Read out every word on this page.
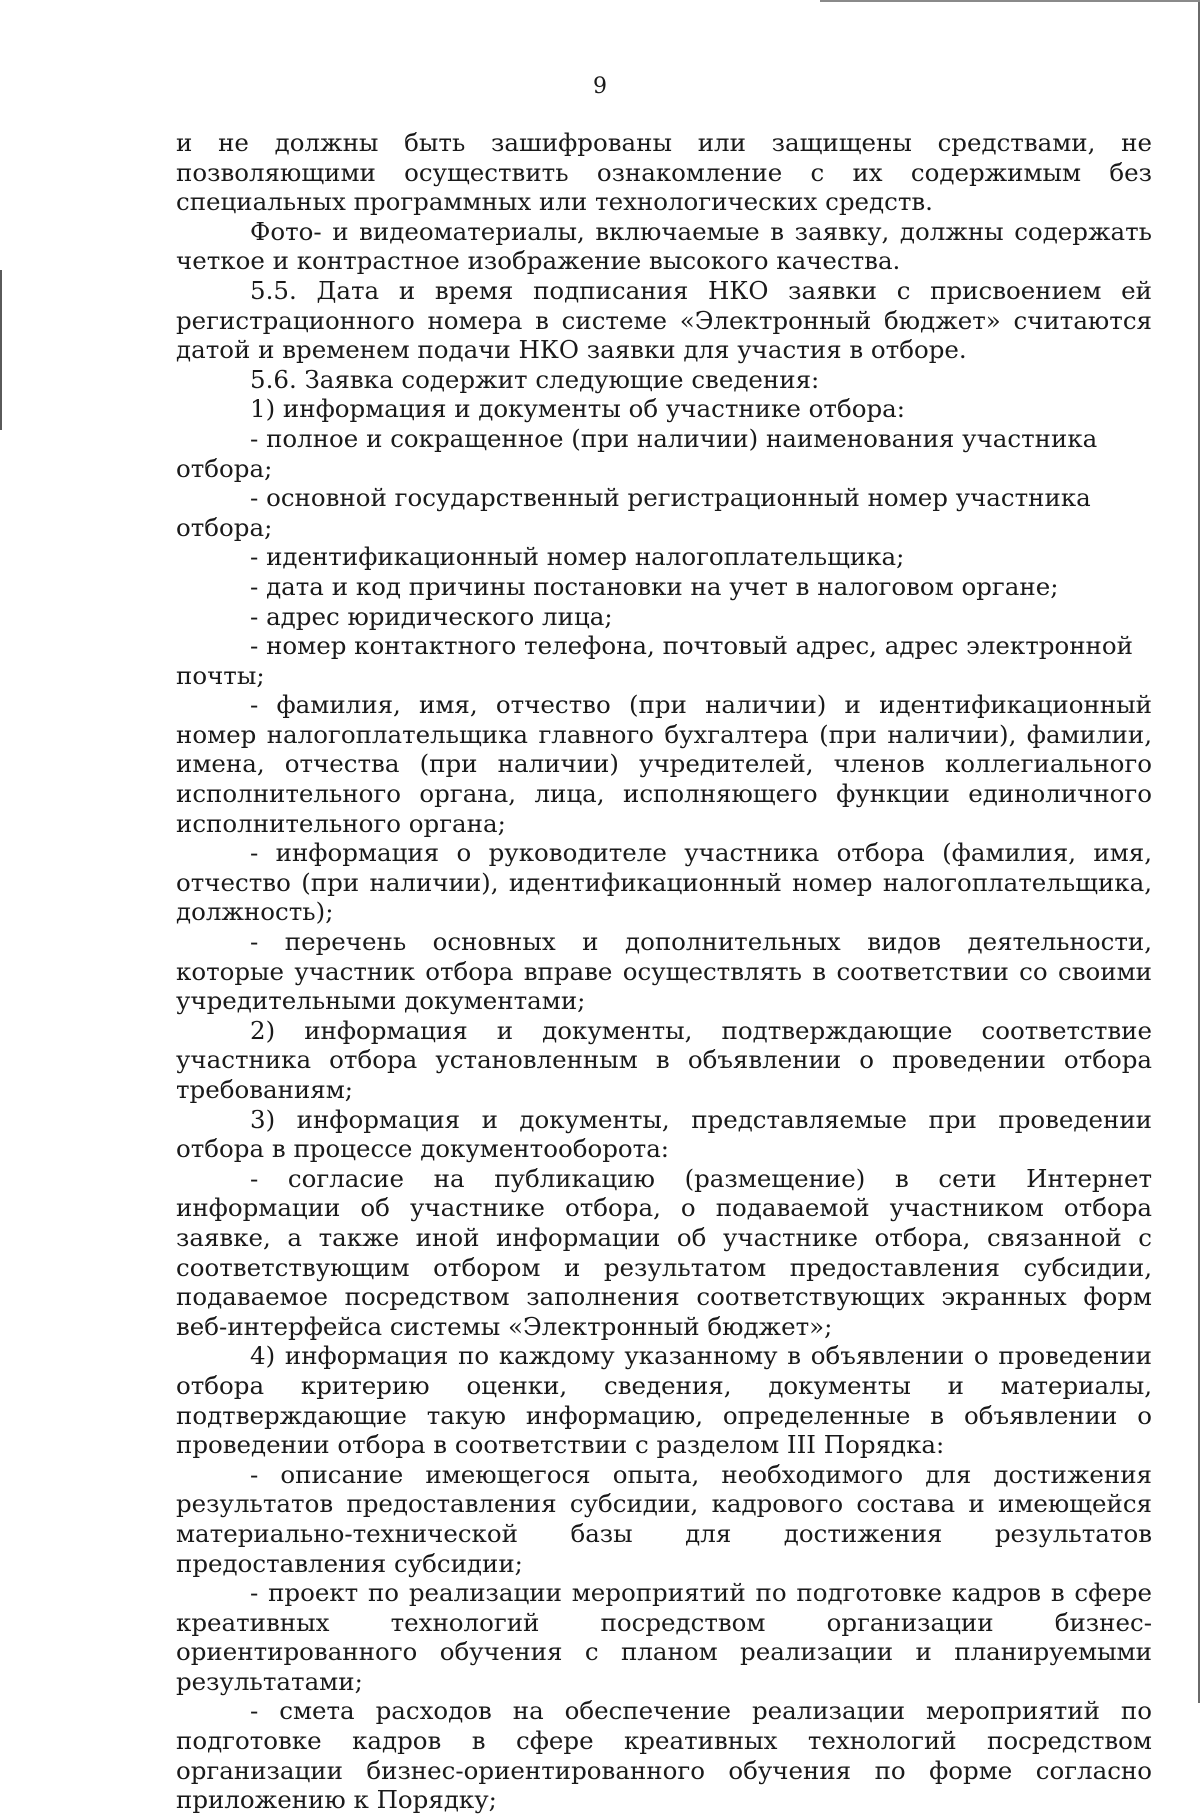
9

и не должны быть зашифрованы или защищены средствами, не позволяющими осуществить ознакомление с их содержимым без специальных программных или технологических средств.

Фото- и видеоматериалы, включаемые в заявку, должны содержать четкое и контрастное изображение высокого качества.

5.5. Дата и время подписания НКО заявки с присвоением ей регистрационного номера в системе «Электронный бюджет» считаются датой и временем подачи НКО заявки для участия в отборе.

5.6. Заявка содержит следующие сведения:

1) информация и документы об участнике отбора:

- полное и сокращенное (при наличии) наименования участника отбора;

- основной государственный регистрационный номер участника отбора;

- идентификационный номер налогоплательщика;

- дата и код причины постановки на учет в налоговом органе;

- адрес юридического лица;

- номер контактного телефона, почтовый адрес, адрес электронной почты;

- фамилия, имя, отчество (при наличии) и идентификационный номер налогоплательщика главного бухгалтера (при наличии), фамилии, имена, отчества (при наличии) учредителей, членов коллегиального исполнительного органа, лица, исполняющего функции единоличного исполнительного органа;

- информация о руководителе участника отбора (фамилия, имя, отчество (при наличии), идентификационный номер налогоплательщика, должность);

- перечень основных и дополнительных видов деятельности, которые участник отбора вправе осуществлять в соответствии со своими учредительными документами;

2) информация и документы, подтверждающие соответствие участника отбора установленным в объявлении о проведении отбора требованиям;

3) информация и документы, представляемые при проведении отбора в процессе документооборота:

- согласие на публикацию (размещение) в сети Интернет информации об участнике отбора, о подаваемой участником отбора заявке, а также иной информации об участнике отбора, связанной с соответствующим отбором и результатом предоставления субсидии, подаваемое посредством заполнения соответствующих экранных форм веб-интерфейса системы «Электронный бюджет»;

4) информация по каждому указанному в объявлении о проведении отбора критерию оценки, сведения, документы и материалы, подтверждающие такую информацию, определенные в объявлении о проведении отбора в соответствии с разделом III Порядка:

- описание имеющегося опыта, необходимого для достижения результатов предоставления субсидии, кадрового состава и имеющейся материально-технической базы для достижения результатов предоставления субсидии;

- проект по реализации мероприятий по подготовке кадров в сфере креативных технологий посредством организации бизнес-ориентированного обучения с планом реализации и планируемыми результатами;

- смета расходов на обеспечение реализации мероприятий по подготовке кадров в сфере креативных технологий посредством организации бизнес-ориентированного обучения по форме согласно приложению к Порядку;
